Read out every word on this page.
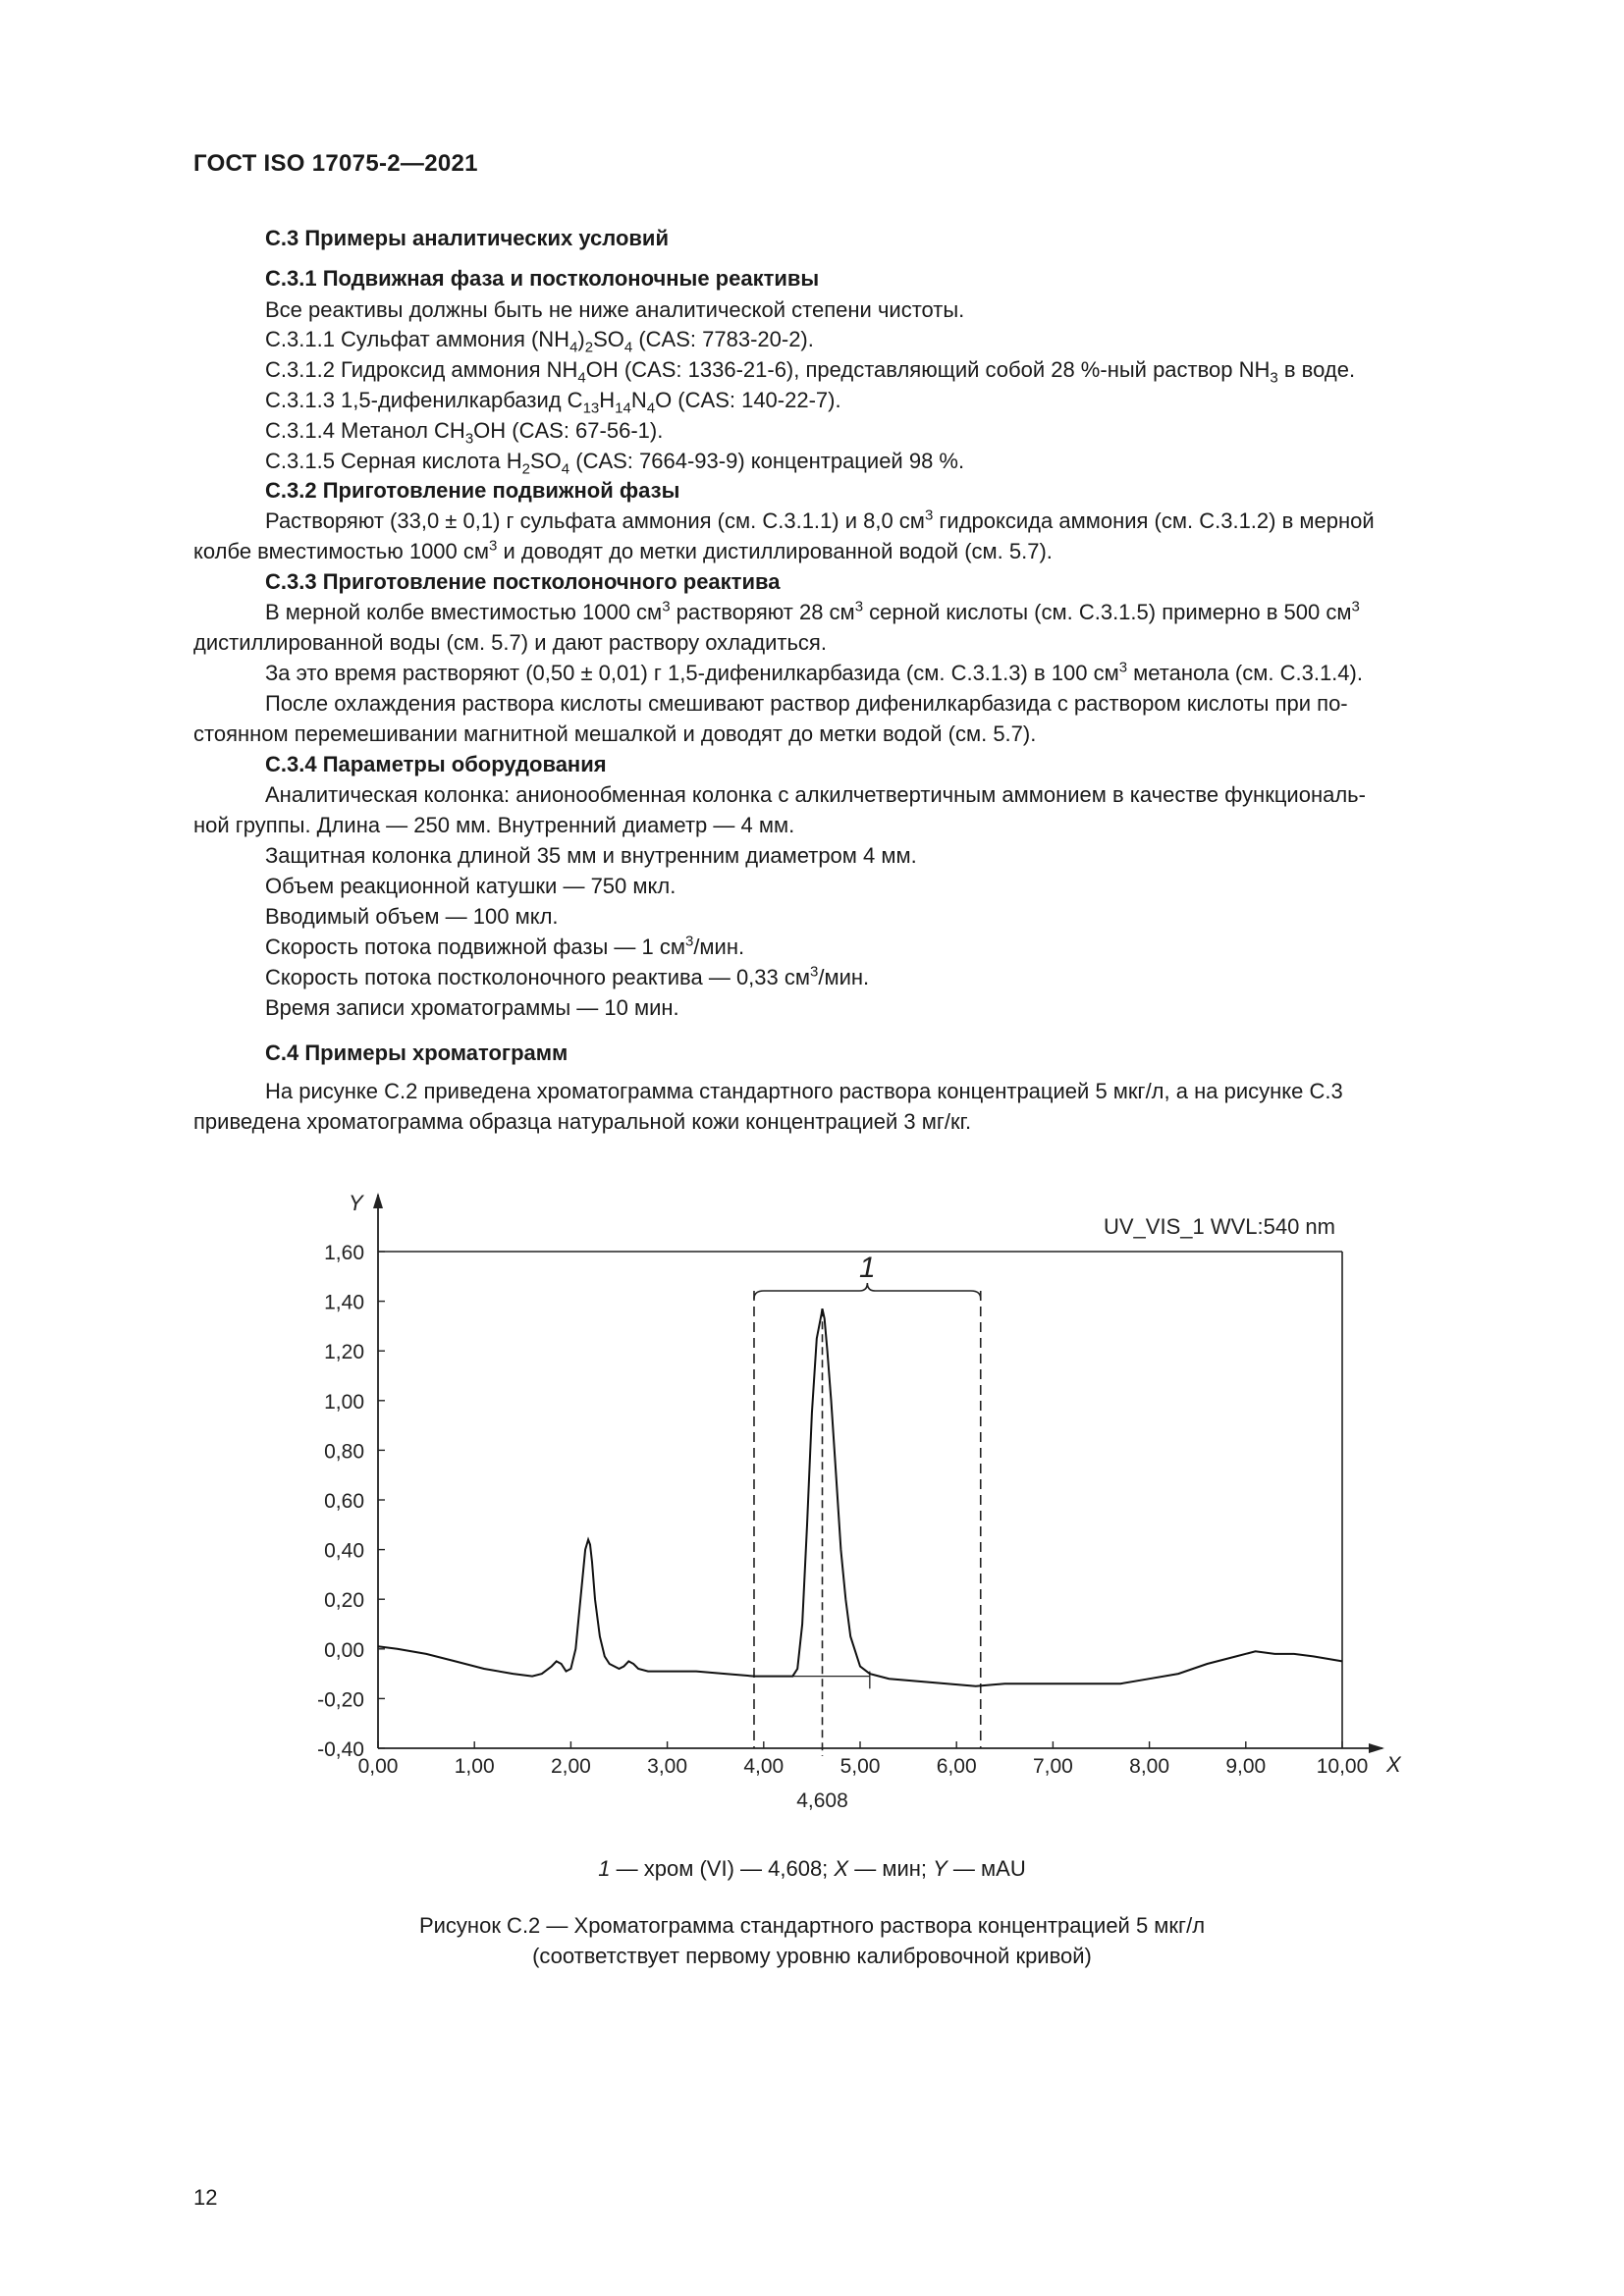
ГОСТ ISO 17075-2—2021
С.3 Примеры аналитических условий
С.3.1 Подвижная фаза и постколоночные реактивы
Все реактивы должны быть не ниже аналитической степени чистоты.
С.3.1.1 Сульфат аммония $(NH_4)_2SO_4$ (CAS: 7783-20-2).
С.3.1.2 Гидроксид аммония $NH_4OH$ (CAS: 1336-21-6), представляющий собой 28 %-ный раствор $NH_3$ в воде.
С.3.1.3 1,5-дифенилкарбазид $C_{13}H_{14}N_4O$ (CAS: 140-22-7).
С.3.1.4 Метанол $CH_3OH$ (CAS: 67-56-1).
С.3.1.5 Серная кислота $H_2SO_4$ (CAS: 7664-93-9) концентрацией 98 %.
С.3.2 Приготовление подвижной фазы
Растворяют (33,0 ± 0,1) г сульфата аммония (см. С.3.1.1) и 8,0 $см^3$ гидроксида аммония (см. С.3.1.2) в мерной
колбе вместимостью 1000 $см^3$ и доводят до метки дистиллированной водой (см. 5.7).
С.3.3 Приготовление постколоночного реактива
В мерной колбе вместимостью 1000 $см^3$ растворяют 28 $см^3$ серной кислоты (см. С.3.1.5) примерно в 500 $см^3$
дистиллированной воды (см. 5.7) и дают раствору охладиться.
За это время растворяют (0,50 ± 0,01) г 1,5-дифенилкарбазида (см. С.3.1.3) в 100 $см^3$ метанола (см. С.3.1.4).
После охлаждения раствора кислоты смешивают раствор дифенилкарбазида с раствором кислоты при по-
стоянном перемешивании магнитной мешалкой и доводят до метки водой (см. 5.7).
С.3.4 Параметры оборудования
Аналитическая колонка: анионообменная колонка с алкилчетвертичным аммонием в качестве функциональ-
ной группы. Длина — 250 мм. Внутренний диаметр — 4 мм.
Защитная колонка длиной 35 мм и внутренним диаметром 4 мм.
Объем реакционной катушки — 750 мкл.
Вводимый объем — 100 мкл.
Скорость потока подвижной фазы — 1 $см^3$/мин.
Скорость потока постколоночного реактива — 0,33 $см^3$/мин.
Время записи хроматограммы — 10 мин.
С.4 Примеры хроматограмм
На рисунке С.2 приведена хроматограмма стандартного раствора концентрацией 5 мкг/л, а на рисунке С.3
приведена хроматограмма образца натуральной кожи концентрацией 3 мг/кг.
Y
X
UV_VIS_1 WVL:540 nm
1,60
1,40
1,20
1,00
0,80
0,60
0,40
0,20
0,00
-0,20
-0,40
0,00	1,00	2,00	3,00	4,00	5,00	6,00	7,00	8,00	9,00 10,00
1
4,608
1 — хром (VI) — 4,608; X — мин; Y — мAU
Рисунок С.2 — Хроматограмма стандартного раствора концентрацией 5 мкг/л
(соответствует первому уровню калибровочной кривой)
12
